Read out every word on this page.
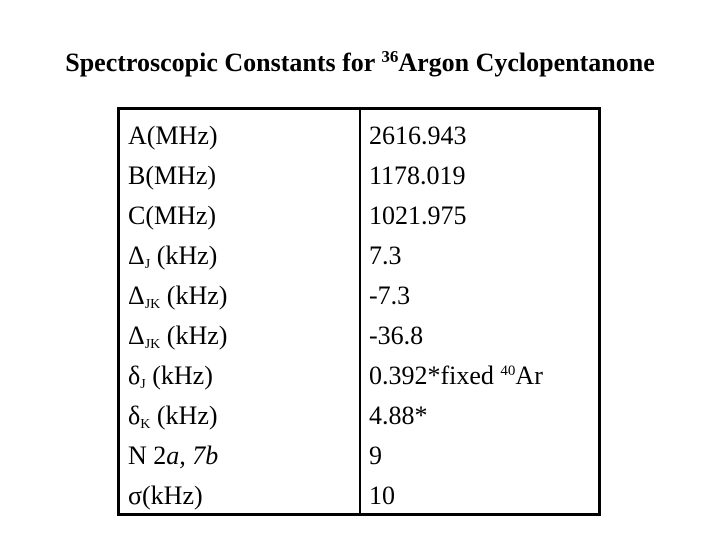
Spectroscopic Constants for $^{36}$Argon Cyclopentanone
A(MHz)
B(MHz)
C(MHz)
$\Delta_J$ (kHz)
$\Delta_{JK}$ (kHz)
$\Delta_{JK}$ (kHz)
$\delta_J$ (kHz)
$\delta_K$ (kHz)
N 2a, 7b
σ(kHz)
2616.943
1178.019
1021.975
7.3
-7.3
-36.8
0.392*fixed $^{40}$Ar
4.88*
9
10
